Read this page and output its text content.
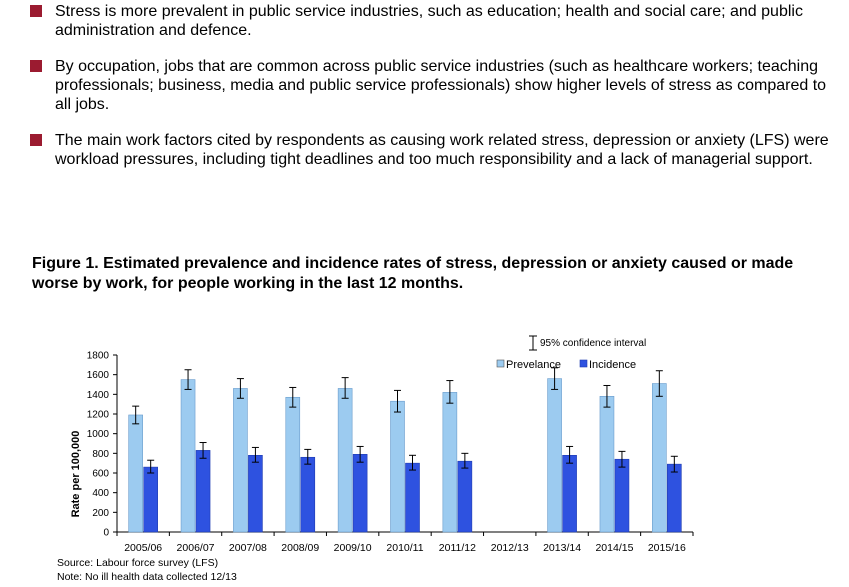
Stress is more prevalent in public service industries, such as education; health and social care; and public administration and defence.
By occupation, jobs that are common across public service industries (such as healthcare workers; teaching professionals; business, media and public service professionals) show higher levels of stress as compared to all jobs.
The main work factors cited by respondents as causing work related stress, depression or anxiety (LFS) were workload pressures, including tight deadlines and too much responsibility and a lack of managerial support.
Figure 1. Estimated prevalence and incidence rates of stress, depression or anxiety caused or made worse by work, for people working in the last 12 months.
0
200
400
600
800
1000
1200
1400
1600
1800
2005/06 2006/07 2007/08 2008/09 2009/10 2010/11 2011/12 2012/13 2013/14 2014/15 2015/16
95% confidence interval
Prevelance	Incidence
Rate per 100,000
Source: Labour force survey (LFS)
Note: No ill health data collected 12/13
